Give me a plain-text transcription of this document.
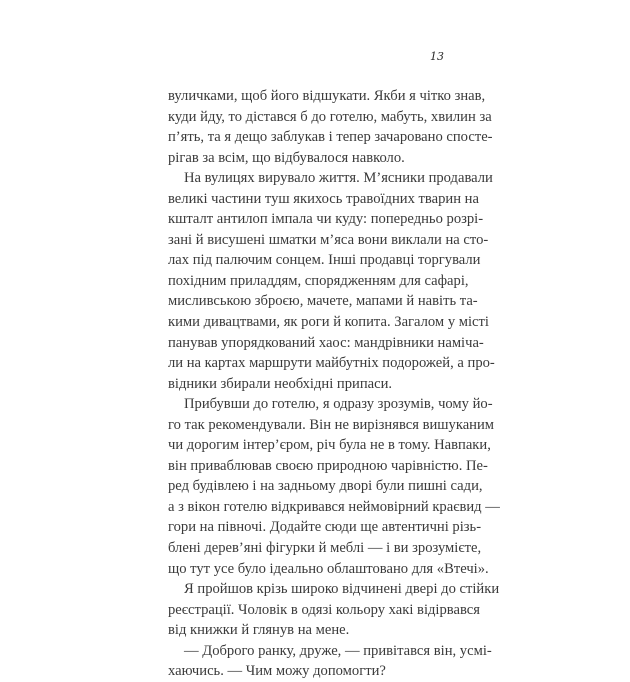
13
вуличками, щоб його відшукати. Якби я чітко знав,
куди йду, то дістався б до готелю, мабуть, хвилин за
п’ять, та я дещо заблукав і тепер зачаровано спосте-
рігав за всім, що відбувалося навколо.
На вулицях вирувало життя. М’ясники продавали
великі частини туш якихось травоїдних тварин на
кшталт антилоп імпала чи куду: попередньо розрі-
зані й висушені шматки м’яса вони виклали на сто-
лах під палючим сонцем. Інші продавці торгували
похідним приладдям, спорядженням для сафарі,
мисливською зброєю, мачете, мапами й навіть та-
кими дивацтвами, як роги й копита. Загалом у місті
панував упорядкований хаос: мандрівники наміча-
ли на картах маршрути майбутніх подорожей, а про-
відники збирали необхідні припаси.
Прибувши до готелю, я одразу зрозумів, чому йо-
го так рекомендували. Він не вирізнявся вишуканим
чи дорогим інтер’єром, річ була не в тому. Навпаки,
він приваблював своєю природною чарівністю. Пе-
ред будівлею і на задньому дворі були пишні сади,
а з вікон готелю відкривався неймовірний краєвид —
гори на півночі. Додайте сюди ще автентичні різь-
блені дерев’яні фігурки й меблі — і ви зрозумієте,
що тут усе було ідеально облаштовано для «Втечі».
Я пройшов крізь широко відчинені двері до стійки
реєстрації. Чоловік в одязі кольору хакі відірвався
від книжки й глянув на мене.
— Доброго ранку, друже, — привітався він, усмі-
хаючись. — Чим можу допомогти?
